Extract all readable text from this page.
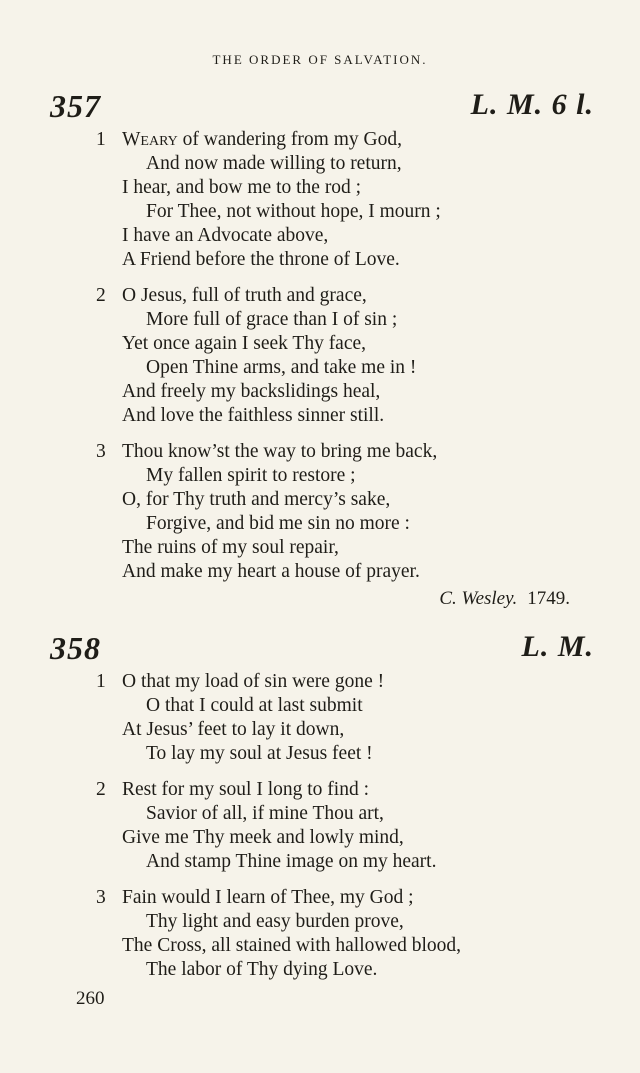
THE ORDER OF SALVATION.
357	L. M. 6 l.
1 Weary of wandering from my God,
And now made willing to return,
I hear, and bow me to the rod ;
For Thee, not without hope, I mourn ;
I have an Advocate above,
A Friend before the throne of Love.
2 O Jesus, full of truth and grace,
More full of grace than I of sin ;
Yet once again I seek Thy face,
Open Thine arms, and take me in !
And freely my backslidings heal,
And love the faithless sinner still.
3 Thou know’st the way to bring me back,
My fallen spirit to restore ;
O, for Thy truth and mercy’s sake,
Forgive, and bid me sin no more :
The ruins of my soul repair,
And make my heart a house of prayer.
C. Wesley. 1749.
358	L. M.
1 O that my load of sin were gone !
O that I could at last submit
At Jesus’ feet to lay it down,
To lay my soul at Jesus feet !
2 Rest for my soul I long to find :
Savior of all, if mine Thou art,
Give me Thy meek and lowly mind,
And stamp Thine image on my heart.
3 Fain would I learn of Thee, my God ;
Thy light and easy burden prove,
The Cross, all stained with hallowed blood,
The labor of Thy dying Love.
260
